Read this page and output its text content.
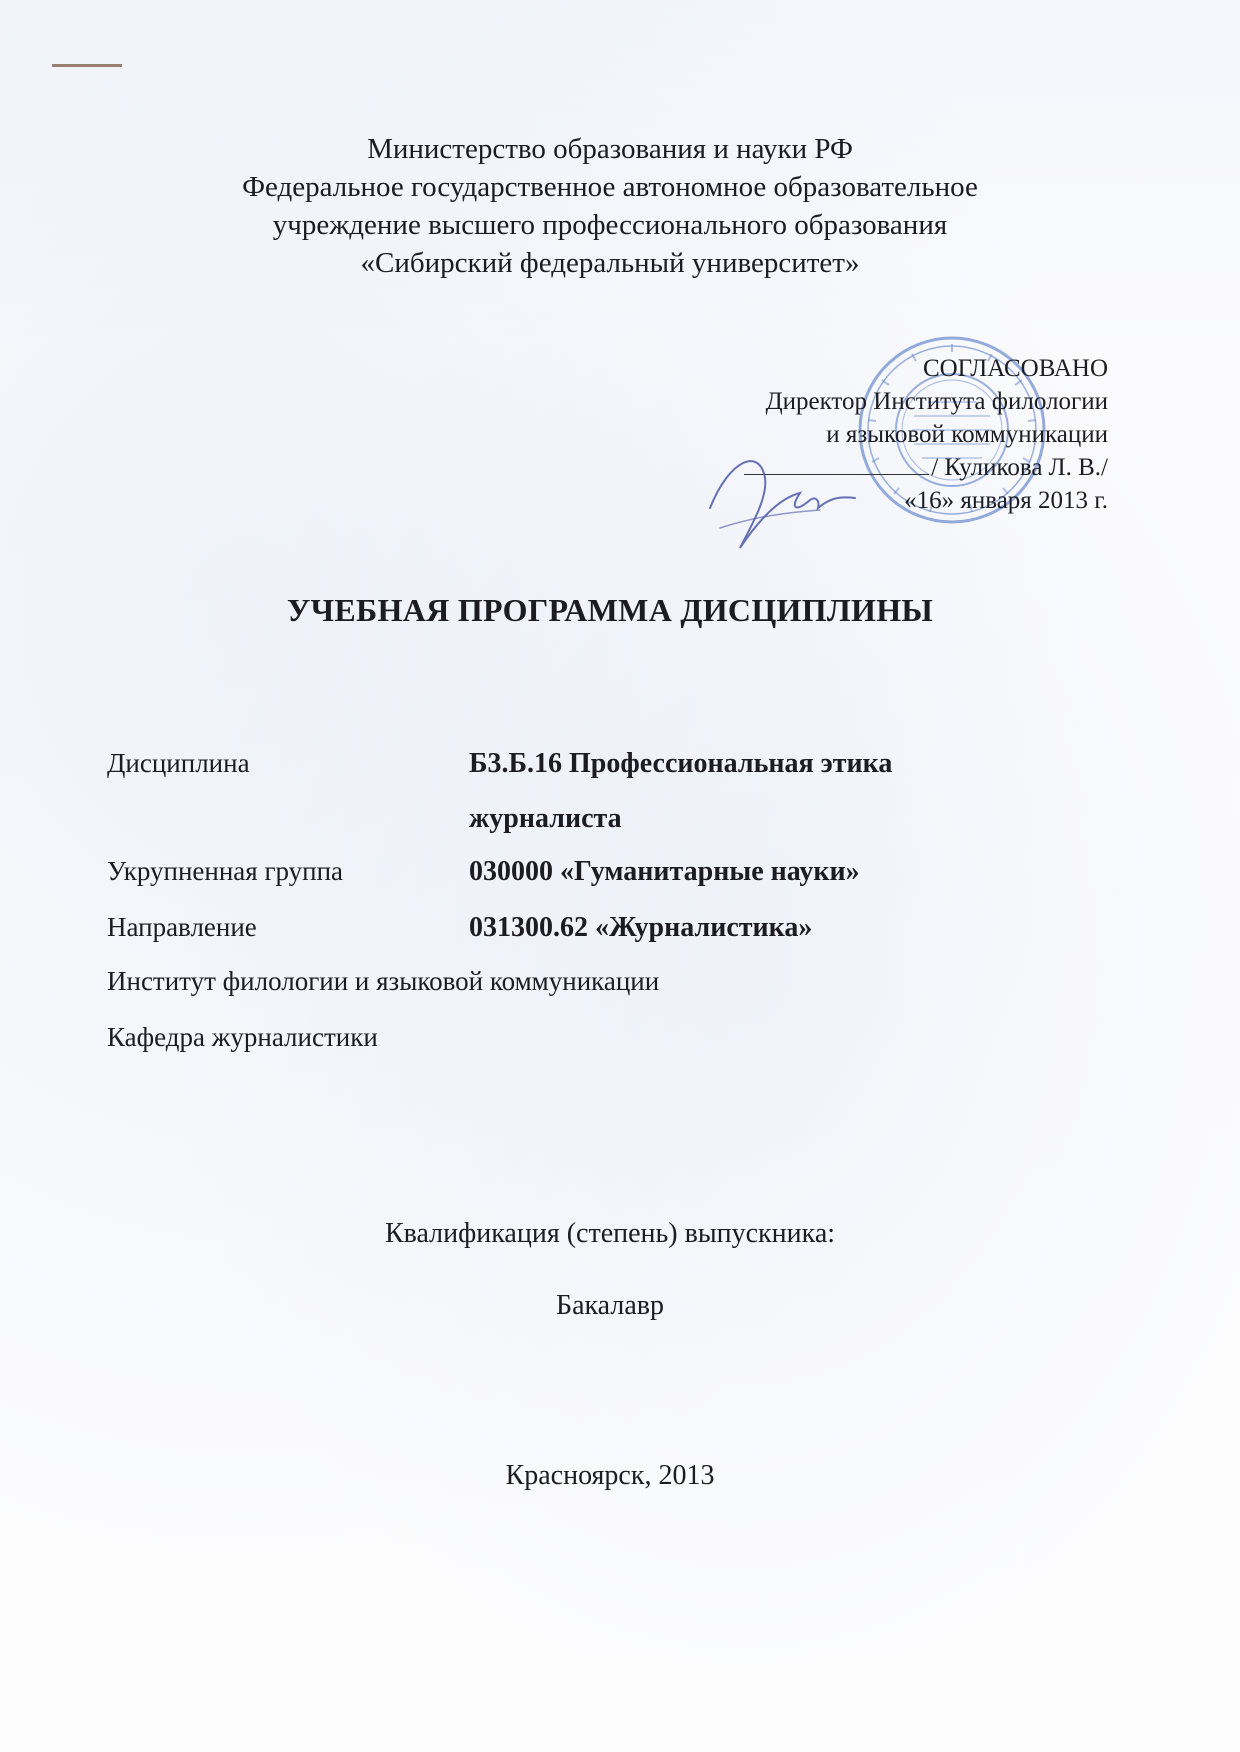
Министерство образования и науки РФ
Федеральное государственное автономное образовательное
учреждение высшего профессионального образования
«Сибирский федеральный университет»
СОГЛАСОВАНО
Директор Института филологии
и языковой коммуникации
/ Куликова Л. В./
«16» января 2013 г.
УЧЕБНАЯ ПРОГРАММА ДИСЦИПЛИНЫ
Дисциплина	Б3.Б.16 Профессиональная этика журналиста
Укрупненная группа	030000 «Гуманитарные науки»
Направление	031300.62 «Журналистика»
Институт филологии и языковой коммуникации
Кафедра журналистики
Квалификация (степень) выпускника:
Бакалавр
Красноярск, 2013
